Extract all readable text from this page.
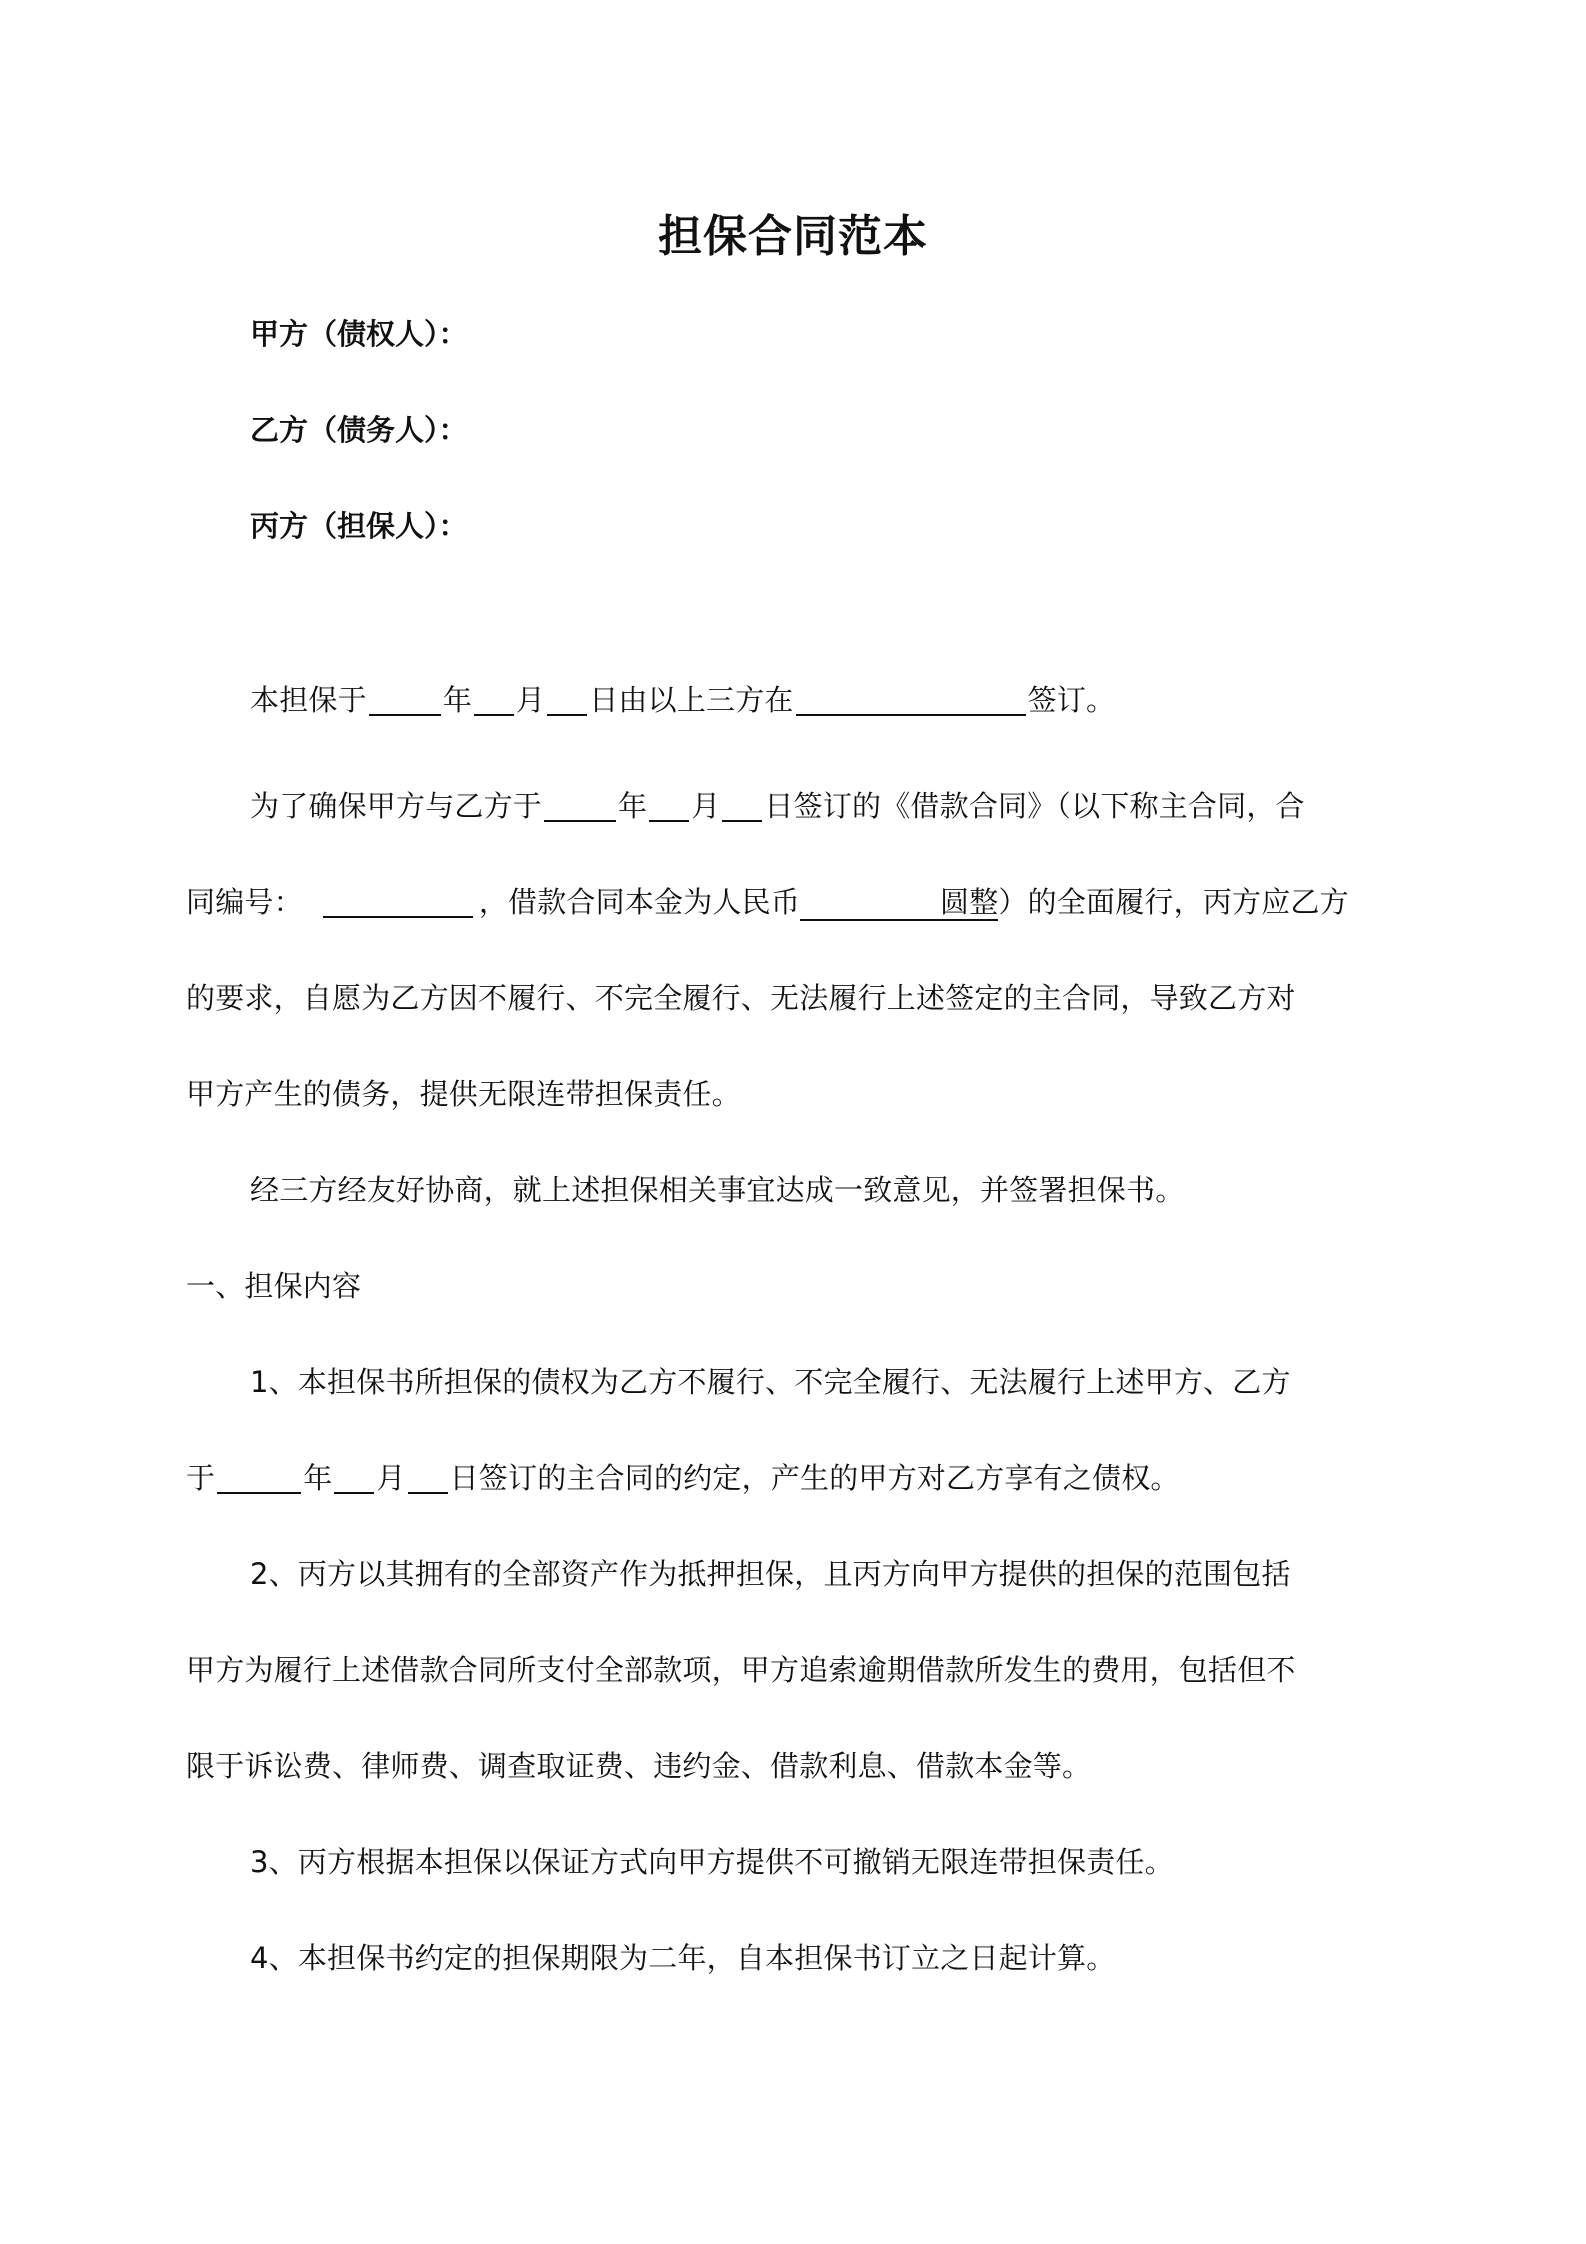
担保合同范本
甲方（债权人）：
乙方（债务人）：
丙方（担保人）：
本担保于	年 月 日由以上三方在	签订。
为了确保甲方与乙方于	年 月 日签订的《借款合同》（以下称主合同，合
同编号：	，借款合同本金为人民币	圆整）的全面履行，丙方应乙方
的要求，自愿为乙方因不履行、不完全履行、无法履行上述签定的主合同，导致乙方对
甲方产生的债务，提供无限连带担保责任。
经三方经友好协商，就上述担保相关事宜达成一致意见，并签署担保书。
一、担保内容
1、本担保书所担保的债权为乙方不履行、不完全履行、无法履行上述甲方、乙方
于	年 月 日签订的主合同的约定，产生的甲方对乙方享有之债权。
2、丙方以其拥有的全部资产作为抵押担保，且丙方向甲方提供的担保的范围包括
甲方为履行上述借款合同所支付全部款项，甲方追索逾期借款所发生的费用，包括但不
限于诉讼费、律师费、调查取证费、违约金、借款利息、借款本金等。
3、丙方根据本担保以保证方式向甲方提供不可撤销无限连带担保责任。
4、本担保书约定的担保期限为二年，自本担保书订立之日起计算。
